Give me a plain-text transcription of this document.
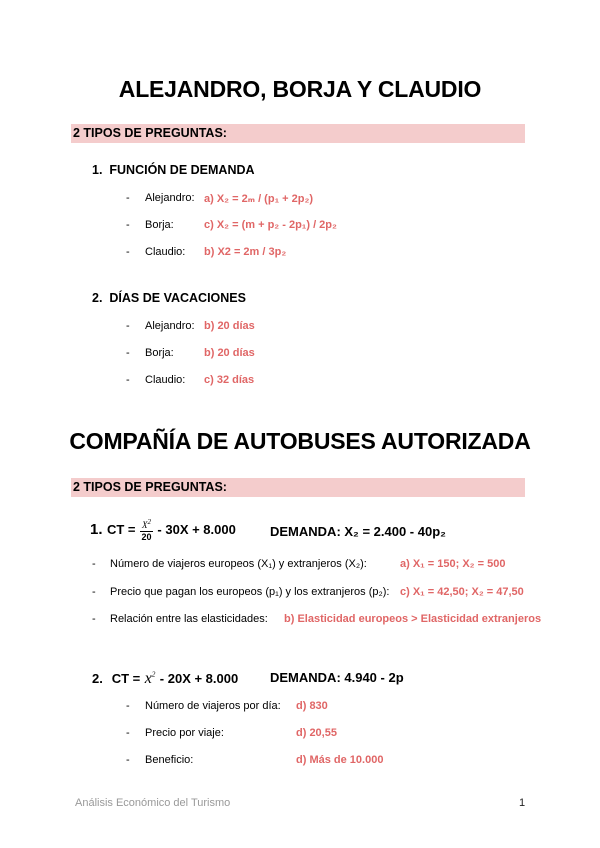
ALEJANDRO, BORJA Y CLAUDIO
2 TIPOS DE PREGUNTAS:
1. FUNCIÓN DE DEMANDA
- Alejandro: a) X₂ = 2ₘ / (p₁ + 2p₂)
- Borja:	c) X₂ = (m + p₂ - 2p₁) / 2p₂
- Claudio: b) X2 = 2m / 3p₂
2. DÍAS DE VACACIONES
- Alejandro: b) 20 días
- Borja:	b) 20 días
- Claudio: c) 32 días
COMPAÑÍA DE AUTOBUSES AUTORIZADA
2 TIPOS DE PREGUNTAS:
1. CT = $\frac{X^2}{20} - 30X + 8.000$	DEMANDA: X₂ = 2.400 - 40p₂
- Número de viajeros europeos (X₁) y extranjeros (X₂):	a) X₁ = 150; X₂ = 500
- Precio que pagan los europeos (p₁) y los extranjeros (p₂): c) X₁ = 42,50; X₂ = 47,50
- Relación entre las elasticidades: b) Elasticidad europeos > Elasticidad extranjeros
2. CT = $x^2 - 20X + 8.000$ DEMANDA: 4.940 - 2p
- Número de viajeros por día: d) 830
- Precio por viaje:	d) 20,55
- Beneficio:	d) Más de 10.000
Análisis Económico del Turismo	1
